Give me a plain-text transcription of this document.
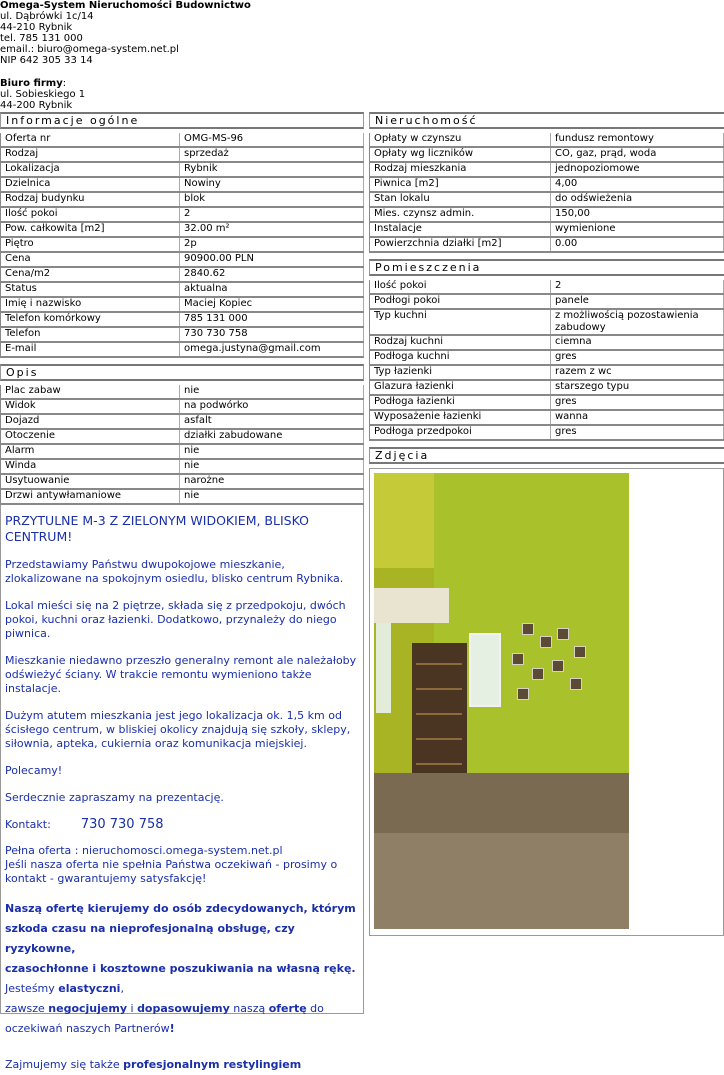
Omega-System Nieruchomości Budownictwo
ul. Dąbrówki 1c/14
44-210 Rybnik
tel. 785 131 000
email.: biuro@omega-system.net.pl
NIP 642 305 33 14
Biuro firmy:
ul. Sobieskiego 1
44-200 Rybnik
Informacje ogólne
Oferta nr	OMG-MS-96
Rodzaj	sprzedaż
Lokalizacja	Rybnik
Dzielnica	Nowiny
Rodzaj budynku	blok
Ilość pokoi	2
Pow. całkowita [m2]	32.00 m²
Piętro	2p
Cena	90900.00 PLN
Cena/m2	2840.62
Status	aktualna
Imię i nazwisko	Maciej Kopiec
Telefon komórkowy	785 131 000
Telefon	730 730 758
E-mail	omega.justyna@gmail.com
Opis
Plac zabaw	nie
Widok	na podwórko
Dojazd	asfalt
Otoczenie	działki zabudowane
Alarm	nie
Winda	nie
Usytuowanie	narożne
Drzwi antywłamaniowe	nie
PRZYTULNE M-3 Z ZIELONYM WIDOKIEM, BLISKO CENTRUM!

Przedstawiamy Państwu dwupokojowe mieszkanie, zlokalizowane na spokojnym osiedlu, blisko centrum Rybnika.

Lokal mieści się na 2 piętrze, składa się z przedpokoju, dwóch pokoi, kuchni oraz łazienki. Dodatkowo, przynależy do niego piwnica.

Mieszkanie niedawno przeszło generalny remont ale należałoby odświeżyć ściany. W trakcie remontu wymieniono także instalacje.

Dużym atutem mieszkania jest jego lokalizacja ok. 1,5 km od ścisłego centrum, w bliskiej okolicy znajdują się szkoły, sklepy, siłownia, apteka, cukiernia oraz komunikacja miejskiej.

Polecamy!

Serdecznie zapraszamy na prezentację.

Kontakt: 730 730 758

Pełna oferta : nieruchomosci.omega-system.net.pl

Jeśli nasza oferta nie spełnia Państwa oczekiwań - prosimy o kontakt - gwarantujemy satysfakcję!

Naszą ofertę kierujemy do osób zdecydowanych, którym

szkoda czasu na nieprofesjonalną obsługę, czy ryzykowne,

czasochłonne i kosztowne poszukiwania na własną rękę.

Jesteśmy elastyczni,

zawsze negocjujemy i dopasowujemy naszą ofertę do

oczekiwań naszych Partnerów!

Zajmujemy się także profesjonalnym restylingiem

Nieruchomość
Opłaty w czynszu	fundusz remontowy
Opłaty wg liczników	CO, gaz, prąd, woda
Rodzaj mieszkania	jednopoziomowe
Piwnica [m2]	4,00
Stan lokalu	do odświeżenia
Mies. czynsz admin.	150,00
Instalacje	wymienione
Powierzchnia działki [m2]	0.00
Pomieszczenia
Ilość pokoi	2
Podłogi pokoi	panele
Typ kuchni	z możliwością pozostawienia zabudowy
Rodzaj kuchni	ciemna
Podłoga kuchni	gres
Typ łazienki	razem z wc
Glazura łazienki	starszego typu
Podłoga łazienki	gres
Wyposażenie łazienki	wanna
Podłoga przedpokoi	gres
Zdjęcia
